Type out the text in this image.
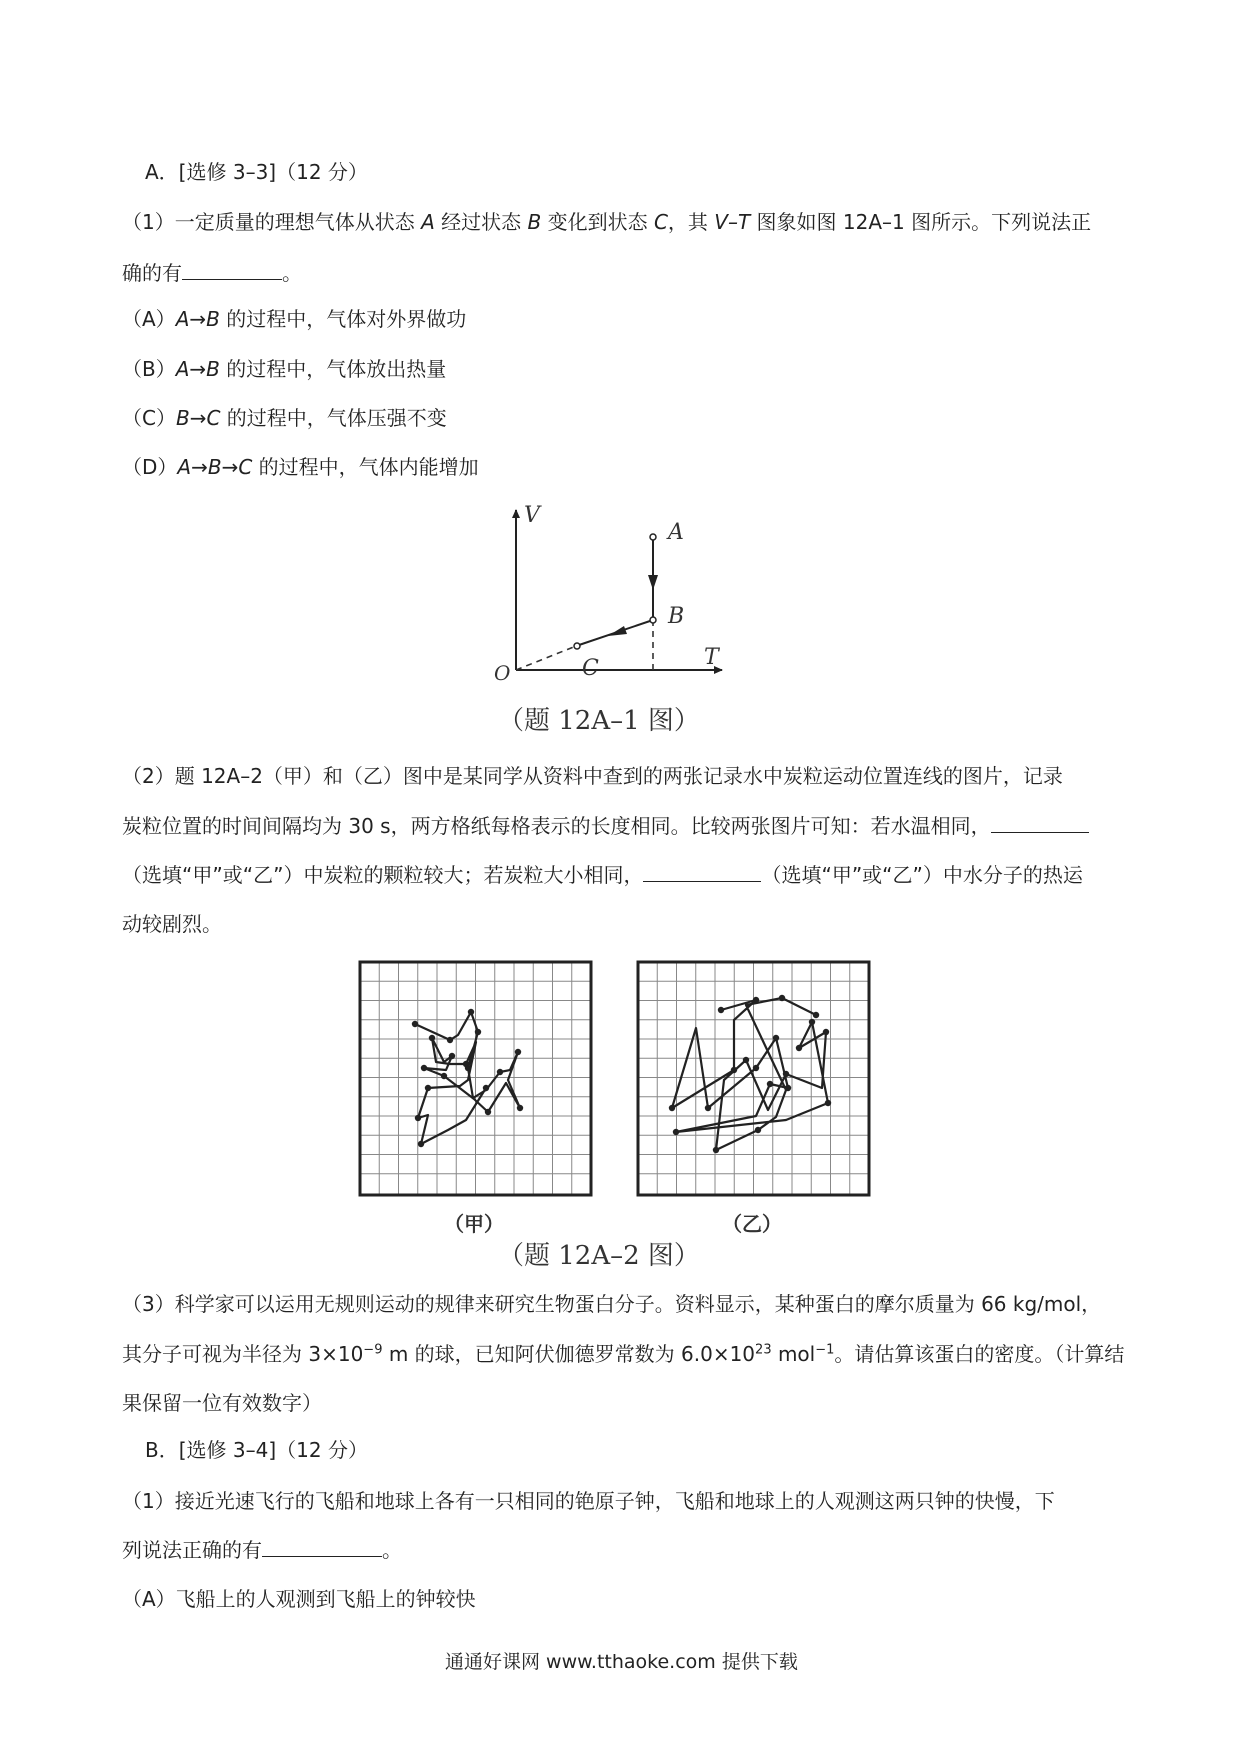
A．[选修 3–3]（12 分）
（1）一定质量的理想气体从状态 A 经过状态 B 变化到状态 C，其 V–T 图象如图 12A–1 图所示。下列说法正
确的有	。
（A）A→B 的过程中，气体对外界做功
（B）A→B 的过程中，气体放出热量
（C）B→C 的过程中，气体压强不变
（D）A→B→C 的过程中，气体内能增加
V
T
O
A
B
C
（题 12A–1 图）
（2）题 12A–2（甲）和（乙）图中是某同学从资料中查到的两张记录水中炭粒运动位置连线的图片，记录
炭粒位置的时间间隔均为 30 s，两方格纸每格表示的长度相同。比较两张图片可知：若水温相同，
（选填“甲”或“乙”）中炭粒的颗粒较大；若炭粒大小相同，	（选填“甲”或“乙”）中水分子的热运
动较剧烈。
（甲）	（乙）
（题 12A–2 图）
（3）科学家可以运用无规则运动的规律来研究生物蛋白分子。资料显示，某种蛋白的摩尔质量为 66 kg/mol，
其分子可视为半径为 $3\times 10^{-9}$ m 的球，已知阿伏伽德罗常数为 $6.0\times 10^{23}$ mol$^{-1}$。请估算该蛋白的密度。（计算结
果保留一位有效数字）
B．[选修 3–4]（12 分）
（1）接近光速飞行的飞船和地球上各有一只相同的铯原子钟，飞船和地球上的人观测这两只钟的快慢，下
列说法正确的有	。
（A）飞船上的人观测到飞船上的钟较快
通通好课网 www.tthaoke.com 提供下载
